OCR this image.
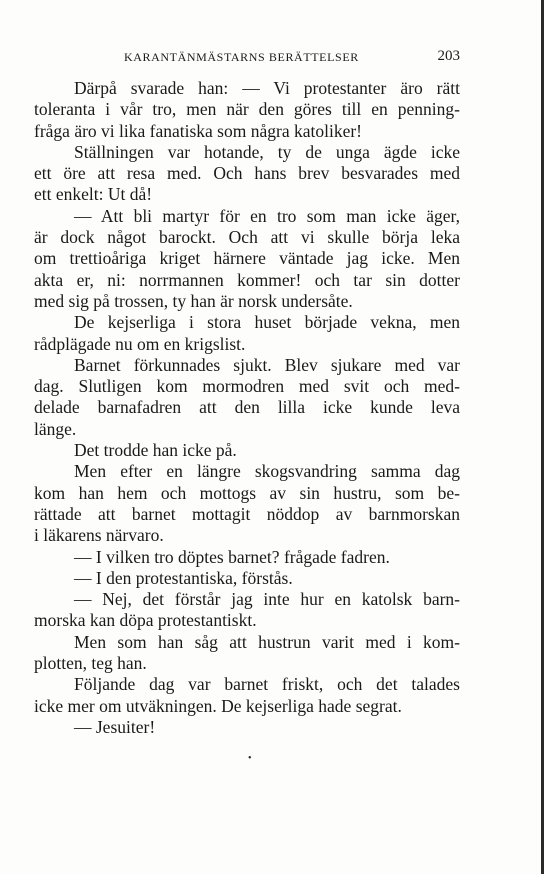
KARANTÄNMÄSTARNS BERÄTTELSER	203
Därpå svarade han: — Vi protestanter äro rätt
toleranta i vår tro, men när den göres till en penning-
fråga äro vi lika fanatiska som några katoliker!
Ställningen var hotande, ty de unga ägde icke
ett öre att resa med. Och hans brev besvarades med
ett enkelt: Ut då!
— Att bli martyr för en tro som man icke äger,
är dock något barockt. Och att vi skulle börja leka
om trettioåriga kriget härnere väntade jag icke. Men
akta er, ni: norrmannen kommer! och tar sin dotter
med sig på trossen, ty han är norsk undersåte.
De kejserliga i stora huset började vekna, men
rådplägade nu om en krigslist.
Barnet förkunnades sjukt. Blev sjukare med var
dag. Slutligen kom mormodren med svit och med-
delade barnafadren att den lilla icke kunde leva
länge.
Det trodde han icke på.
Men efter en längre skogsvandring samma dag
kom han hem och mottogs av sin hustru, som be-
rättade att barnet mottagit nöddop av barnmorskan
i läkarens närvaro.
— I vilken tro döptes barnet? frågade fadren.
— I den protestantiska, förstås.
— Nej, det förstår jag inte hur en katolsk barn-
morska kan döpa protestantiskt.
Men som han såg att hustrun varit med i kom-
plotten, teg han.
Följande dag var barnet friskt, och det talades
icke mer om utväkningen. De kejserliga hade segrat.
— Jesuiter!
•
